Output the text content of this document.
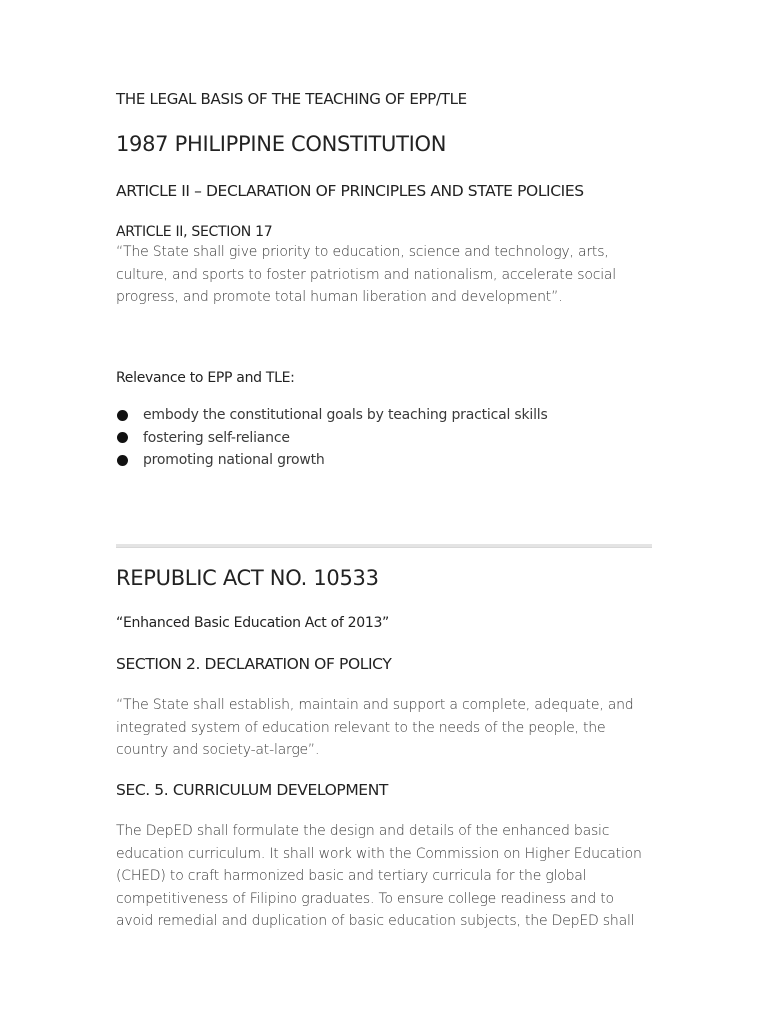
THE LEGAL BASIS OF THE TEACHING OF EPP/TLE
1987 PHILIPPINE CONSTITUTION
ARTICLE II – DECLARATION OF PRINCIPLES AND STATE POLICIES
ARTICLE II, SECTION 17
“The State shall give priority to education, science and technology, arts,
culture, and sports to foster patriotism and nationalism, accelerate social
progress, and promote total human liberation and development”.
Relevance to EPP and TLE:
embody the constitutional goals by teaching practical skills
fostering self-reliance
promoting national growth
REPUBLIC ACT NO. 10533
“Enhanced Basic Education Act of 2013”
SECTION 2. DECLARATION OF POLICY
“The State shall establish, maintain and support a complete, adequate, and
integrated system of education relevant to the needs of the people, the
country and society-at-large”.
SEC. 5. CURRICULUM DEVELOPMENT
The DepED shall formulate the design and details of the enhanced basic
education curriculum. It shall work with the Commission on Higher Education
(CHED) to craft harmonized basic and tertiary curricula for the global
competitiveness of Filipino graduates. To ensure college readiness and to
avoid remedial and duplication of basic education subjects, the DepED shall
